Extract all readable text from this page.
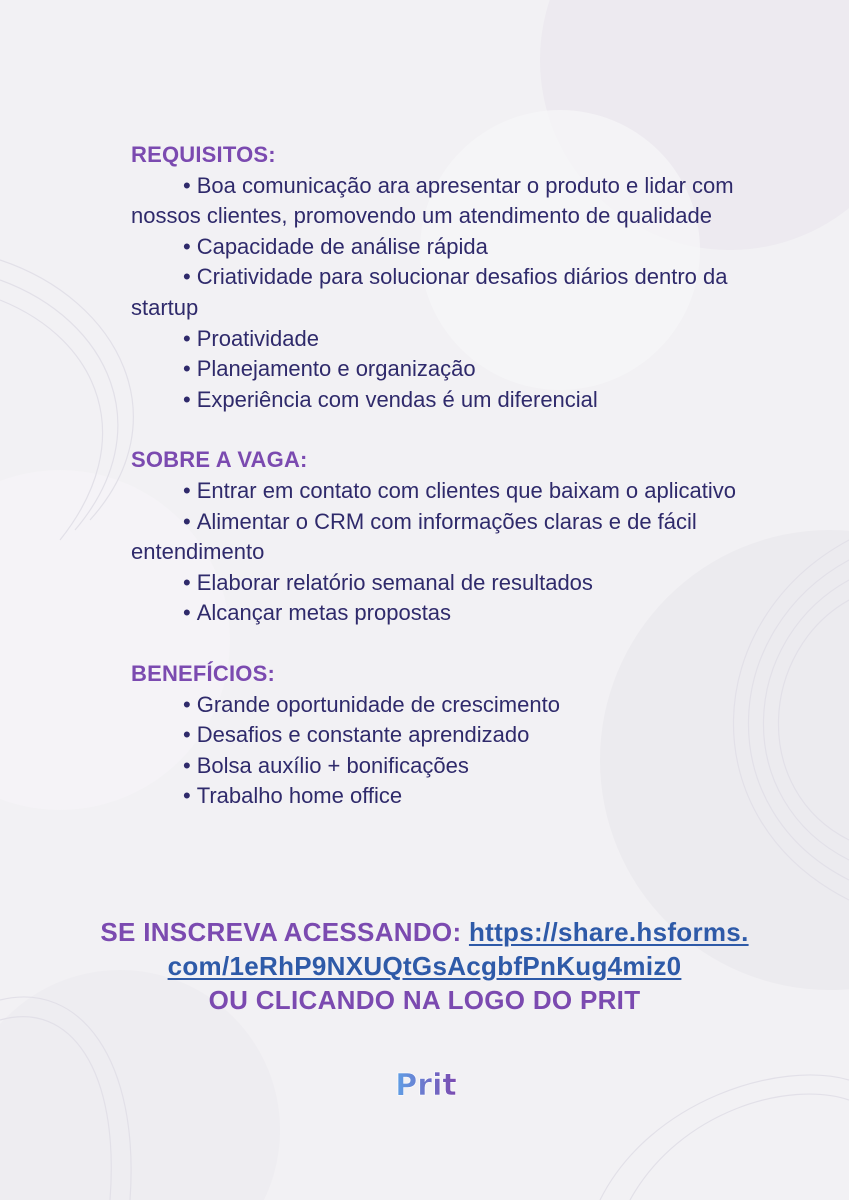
REQUISITOS:
• Boa comunicação ara apresentar o produto e lidar com nossos clientes, promovendo um atendimento de qualidade
• Capacidade de análise rápida
• Criatividade para solucionar desafios diários dentro da startup
• Proatividade
• Planejamento e organização
• Experiência com vendas é um diferencial
SOBRE A VAGA:
• Entrar em contato com clientes que baixam o aplicativo
• Alimentar o CRM com informações claras e de fácil entendimento
• Elaborar relatório semanal de resultados
• Alcançar metas propostas
BENEFÍCIOS:
• Grande oportunidade de crescimento
• Desafios e constante aprendizado
• Bolsa auxílio + bonificações
• Trabalho home office
SE INSCREVA ACESSANDO: https://share.hsforms.
com/1eRhP9NXUQtGsAcgbfPnKug4miz0
OU CLICANDO NA LOGO DO PRIT
Prit
